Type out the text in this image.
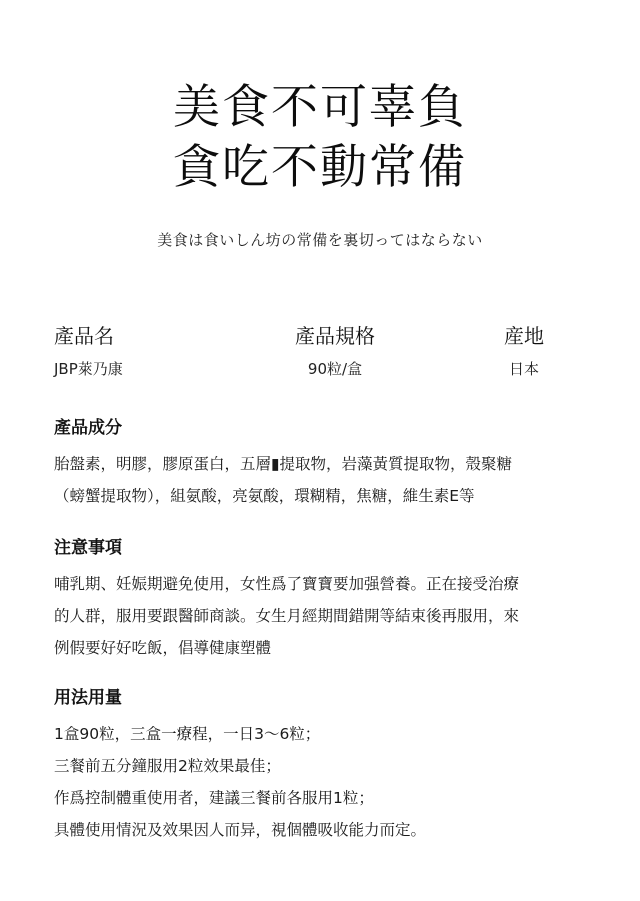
美食不可辜負
貪吃不動常備
美食は食いしん坊の常備を裏切ってはならない
產品名
JBP萊乃康
產品規格
90粒/盒
産地
日本
產品成分
胎盤素，明膠，膠原蛋白，五層▮提取物，岩藻黃質提取物，殼聚糖
（螃蟹提取物），組氨酸，亮氨酸，環糊精，焦糖，維生素E等
注意事項
哺乳期、妊娠期避免使用，女性爲了寶寶要加强營養。正在接受治療
的人群，服用要跟醫師商談。女生月經期間錯開等結束後再服用，來
例假要好好吃飯，倡導健康塑體
用法用量
1盒90粒，三盒一療程，一日3～6粒；
三餐前五分鐘服用2粒效果最佳；
作爲控制體重使用者，建議三餐前各服用1粒；
具體使用情況及效果因人而异，視個體吸收能力而定。
